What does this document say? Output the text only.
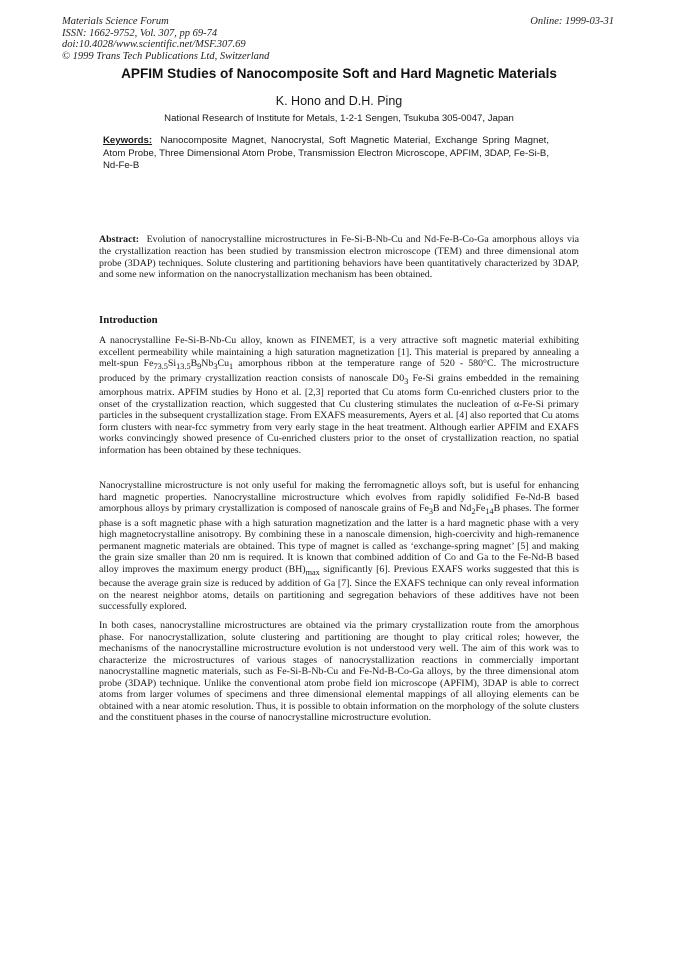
Materials Science Forum
ISSN: 1662-9752, Vol. 307, pp 69-74
doi:10.4028/www.scientific.net/MSF.307.69
© 1999 Trans Tech Publications Ltd, Switzerland
Online: 1999-03-31
APFIM Studies of Nanocomposite Soft and Hard Magnetic Materials
K. Hono and D.H. Ping
National Research of Institute for Metals, 1-2-1 Sengen, Tsukuba 305-0047, Japan
Keywords: Nanocomposite Magnet, Nanocrystal, Soft Magnetic Material, Exchange Spring Magnet, Atom Probe, Three Dimensional Atom Probe, Transmission Electron Microscope, APFIM, 3DAP, Fe-Si-B, Nd-Fe-B
Abstract: Evolution of nanocrystalline microstructures in Fe-Si-B-Nb-Cu and Nd-Fe-B-Co-Ga amorphous alloys via the crystallization reaction has been studied by transmission electron microscope (TEM) and three dimensional atom probe (3DAP) techniques. Solute clustering and partitioning behaviors have been quantitatively characterized by 3DAP, and some new information on the nanocrystallization mechanism has been obtained.
Introduction

A nanocrystalline Fe-Si-B-Nb-Cu alloy, known as FINEMET, is a very attractive soft magnetic material exhibiting excellent permeability while maintaining a high saturation magnetization [1]. This material is prepared by annealing a melt-spun $Fe_{73.5}Si_{13.5}B_9Nb_3Cu_1$ amorphous ribbon at the temperature range of 520 - 580°C. The microstructure produced by the primary crystallization reaction consists of nanoscale $D0_3$ Fe-Si grains embedded in the remaining amorphous matrix. APFIM studies by Hono et al. [2,3] reported that Cu atoms form Cu-enriched clusters prior to the onset of the crystallization reaction, which suggested that Cu clustering stimulates the nucleation of α-Fe-Si primary particles in the subsequent crystallization stage. From EXAFS measurements, Ayers et al. [4] also reported that Cu atoms form clusters with near-fcc symmetry from very early stage in the heat treatment. Although earlier APFIM and EXAFS works convincingly showed presence of Cu-enriched clusters prior to the onset of crystallization reaction, no spatial information has been obtained by these techniques.

Nanocrystalline microstructure is not only useful for making the ferromagnetic alloys soft, but is useful for enhancing hard magnetic properties. Nanocrystalline microstructure which evolves from rapidly solidified Fe-Nd-B based amorphous alloys by primary crystallization is composed of nanoscale grains of $Fe_3B$ and $Nd_2Fe_{14}B$ phases. The former phase is a soft magnetic phase with a high saturation magnetization and the latter is a hard magnetic phase with a very high magnetocrystalline anisotropy. By combining these in a nanoscale dimension, high-coercivity and high-remanence permanent magnetic materials are obtained. This type of magnet is called as ‘exchange-spring magnet’ [5] and making the grain size smaller than 20 nm is required. It is known that combined addition of Co and Ga to the Fe-Nd-B based alloy improves the maximum energy product $(BH)_{max}$ significantly [6]. Previous EXAFS works suggested that this is because the average grain size is reduced by addition of Ga [7]. Since the EXAFS technique can only reveal information on the nearest neighbor atoms, details on partitioning and segregation behaviors of these additives have not been successfully explored.

In both cases, nanocrystalline microstructures are obtained via the primary crystallization route from the amorphous phase. For nanocrystallization, solute clustering and partitioning are thought to play critical roles; however, the mechanisms of the nanocrystalline microstructure evolution is not understood very well. The aim of this work was to characterize the microstructures of various stages of nanocrystallization reactions in commercially important nanocrystalline magnetic materials, such as Fe-Si-B-Nb-Cu and Fe-Nd-B-Co-Ga alloys, by the three dimensional atom probe (3DAP) technique. Unlike the conventional atom probe field ion microscope (APFIM), 3DAP is able to correct atoms from larger volumes of specimens and three dimensional elemental mappings of all alloying elements can be obtained with a near atomic resolution. Thus, it is possible to obtain information on the morphology of the solute clusters and the constituent phases in the course of nanocrystalline microstructure evolution.
